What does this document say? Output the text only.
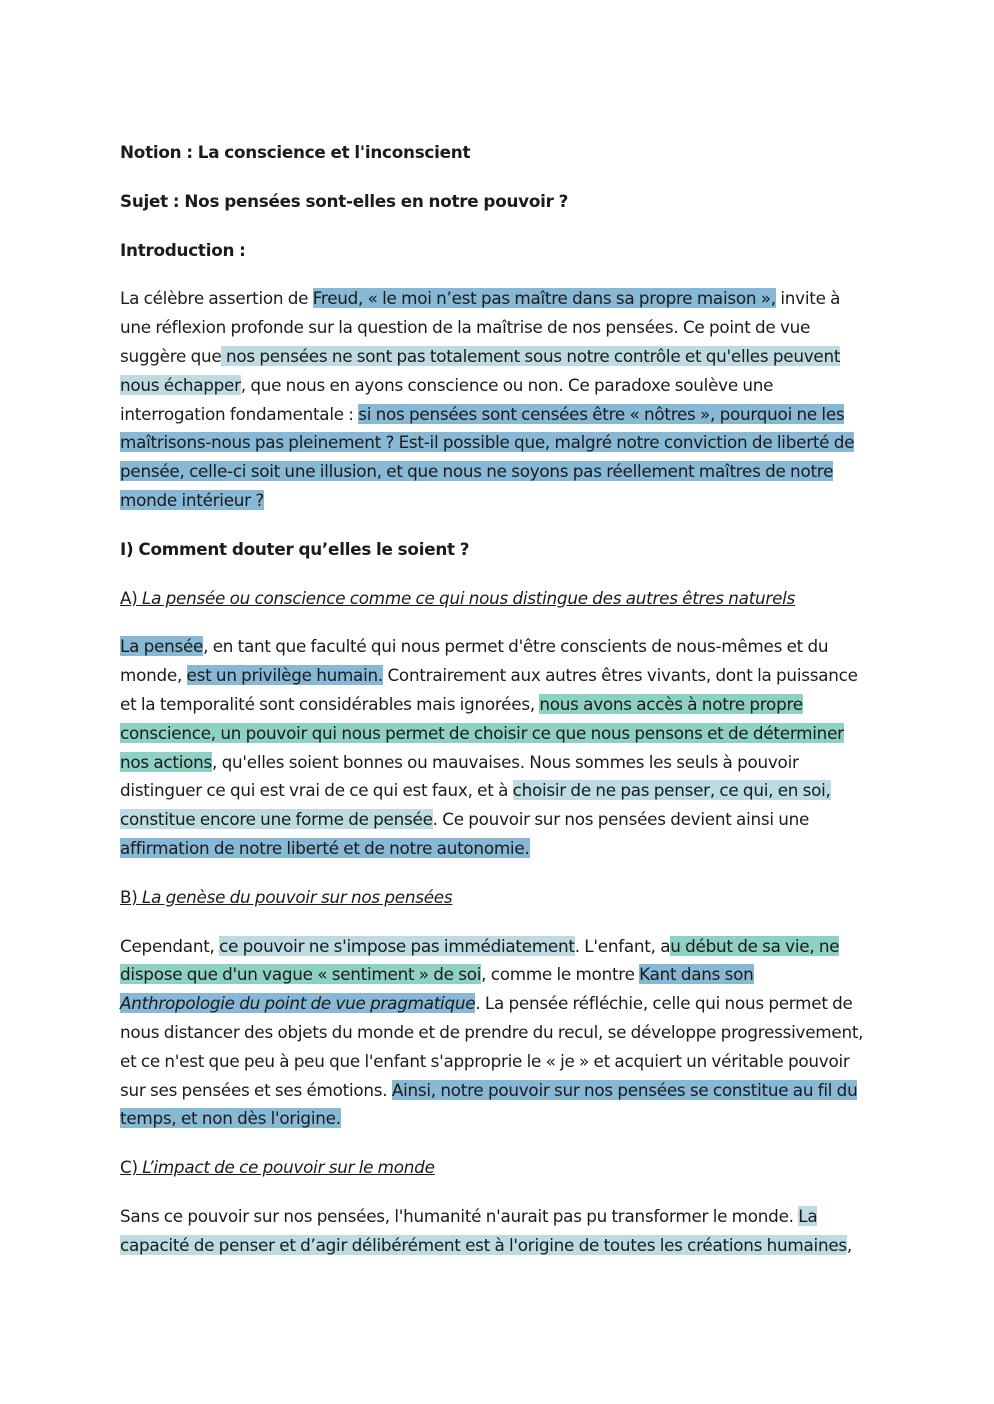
Notion : La conscience et l'inconscient

Sujet : Nos pensées sont-elles en notre pouvoir ?

Introduction :

La célèbre assertion de Freud, « le moi n’est pas maître dans sa propre maison », invite à une réflexion profonde sur la question de la maîtrise de nos pensées. Ce point de vue suggère que nos pensées ne sont pas totalement sous notre contrôle et qu'elles peuvent nous échapper, que nous en ayons conscience ou non. Ce paradoxe soulève une interrogation fondamentale : si nos pensées sont censées être « nôtres », pourquoi ne les maîtrisons-nous pas pleinement ? Est-il possible que, malgré notre conviction de liberté de pensée, celle-ci soit une illusion, et que nous ne soyons pas réellement maîtres de notre monde intérieur ?

I) Comment douter qu’elles le soient ?

A) La pensée ou conscience comme ce qui nous distingue des autres êtres naturels

La pensée, en tant que faculté qui nous permet d'être conscients de nous-mêmes et du monde, est un privilège humain. Contrairement aux autres êtres vivants, dont la puissance et la temporalité sont considérables mais ignorées, nous avons accès à notre propre conscience, un pouvoir qui nous permet de choisir ce que nous pensons et de déterminer nos actions, qu'elles soient bonnes ou mauvaises. Nous sommes les seuls à pouvoir distinguer ce qui est vrai de ce qui est faux, et à choisir de ne pas penser, ce qui, en soi, constitue encore une forme de pensée. Ce pouvoir sur nos pensées devient ainsi une affirmation de notre liberté et de notre autonomie.

B) La genèse du pouvoir sur nos pensées

Cependant, ce pouvoir ne s'impose pas immédiatement. L'enfant, au début de sa vie, ne dispose que d'un vague « sentiment » de soi, comme le montre Kant dans son Anthropologie du point de vue pragmatique. La pensée réfléchie, celle qui nous permet de nous distancer des objets du monde et de prendre du recul, se développe progressivement, et ce n'est que peu à peu que l'enfant s'approprie le « je » et acquiert un véritable pouvoir sur ses pensées et ses émotions. Ainsi, notre pouvoir sur nos pensées se constitue au fil du temps, et non dès l'origine.

C) L’impact de ce pouvoir sur le monde

Sans ce pouvoir sur nos pensées, l'humanité n'aurait pas pu transformer le monde. La capacité de penser et d’agir délibérément est à l'origine de toutes les créations humaines,
